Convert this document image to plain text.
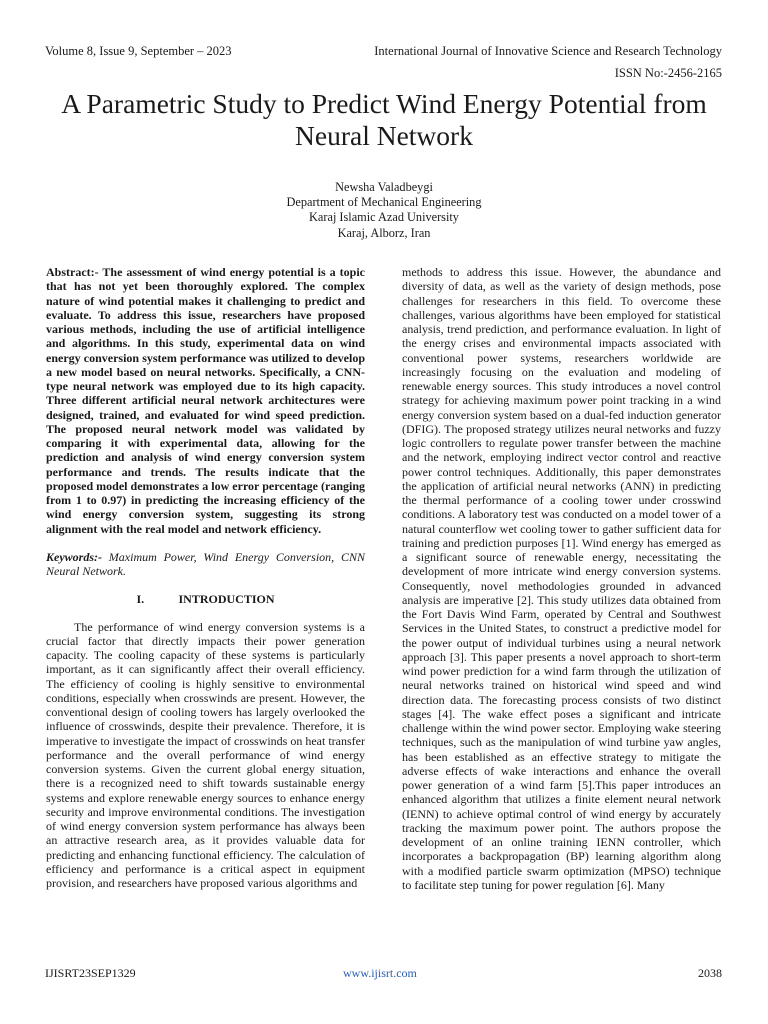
Volume 8, Issue 9, September – 2023	International Journal of Innovative Science and Research Technology
ISSN No:-2456-2165
A Parametric Study to Predict Wind Energy Potential from Neural Network
Newsha Valadbeygi
Department of Mechanical Engineering
Karaj Islamic Azad University
Karaj, Alborz, Iran

Abstract:- The assessment of wind energy potential is a topic that has not yet been thoroughly explored. The complex nature of wind potential makes it challenging to predict and evaluate. To address this issue, researchers have proposed various methods, including the use of artificial intelligence and algorithms. In this study, experimental data on wind energy conversion system performance was utilized to develop a new model based on neural networks. Specifically, a CNN-type neural network was employed due to its high capacity. Three different artificial neural network architectures were designed, trained, and evaluated for wind speed prediction. The proposed neural network model was validated by comparing it with experimental data, allowing for the prediction and analysis of wind energy conversion system performance and trends. The results indicate that the proposed model demonstrates a low error percentage (ranging from 1 to 0.97) in predicting the increasing efficiency of the wind energy conversion system, suggesting its strong alignment with the real model and network efficiency.

Keywords:- Maximum Power, Wind Energy Conversion, CNN Neural Network.

I.	INTRODUCTION

The performance of wind energy conversion systems is a crucial factor that directly impacts their power generation capacity. The cooling capacity of these systems is particularly important, as it can significantly affect their overall efficiency. The efficiency of cooling is highly sensitive to environmental conditions, especially when crosswinds are present. However, the conventional design of cooling towers has largely overlooked the influence of crosswinds, despite their prevalence. Therefore, it is imperative to investigate the impact of crosswinds on heat transfer performance and the overall performance of wind energy conversion systems. Given the current global energy situation, there is a recognized need to shift towards sustainable energy systems and explore renewable energy sources to enhance energy security and improve environmental conditions. The investigation of wind energy conversion system performance has always been an attractive research area, as it provides valuable data for predicting and enhancing functional efficiency. The calculation of efficiency and performance is a critical aspect in equipment provision, and researchers have proposed various algorithms and

methods to address this issue. However, the abundance and diversity of data, as well as the variety of design methods, pose challenges for researchers in this field. To overcome these challenges, various algorithms have been employed for statistical analysis, trend prediction, and performance evaluation. In light of the energy crises and environmental impacts associated with conventional power systems, researchers worldwide are increasingly focusing on the evaluation and modeling of renewable energy sources. This study introduces a novel control strategy for achieving maximum power point tracking in a wind energy conversion system based on a dual-fed induction generator (DFIG). The proposed strategy utilizes neural networks and fuzzy logic controllers to regulate power transfer between the machine and the network, employing indirect vector control and reactive power control techniques. Additionally, this paper demonstrates the application of artificial neural networks (ANN) in predicting the thermal performance of a cooling tower under crosswind conditions. A laboratory test was conducted on a model tower of a natural counterflow wet cooling tower to gather sufficient data for training and prediction purposes [1]. Wind energy has emerged as a significant source of renewable energy, necessitating the development of more intricate wind energy conversion systems. Consequently, novel methodologies grounded in advanced analysis are imperative [2]. This study utilizes data obtained from the Fort Davis Wind Farm, operated by Central and Southwest Services in the United States, to construct a predictive model for the power output of individual turbines using a neural network approach [3]. This paper presents a novel approach to short-term wind power prediction for a wind farm through the utilization of neural networks trained on historical wind speed and wind direction data. The forecasting process consists of two distinct stages [4]. The wake effect poses a significant and intricate challenge within the wind power sector. Employing wake steering techniques, such as the manipulation of wind turbine yaw angles, has been established as an effective strategy to mitigate the adverse effects of wake interactions and enhance the overall power generation of a wind farm [5].This paper introduces an enhanced algorithm that utilizes a finite element neural network (IENN) to achieve optimal control of wind energy by accurately tracking the maximum power point. The authors propose the development of an online training IENN controller, which incorporates a backpropagation (BP) learning algorithm along with a modified particle swarm optimization (MPSO) technique to facilitate step tuning for power regulation [6]. Many

IJISRT23SEP1329	www.ijisrt.com	2038
